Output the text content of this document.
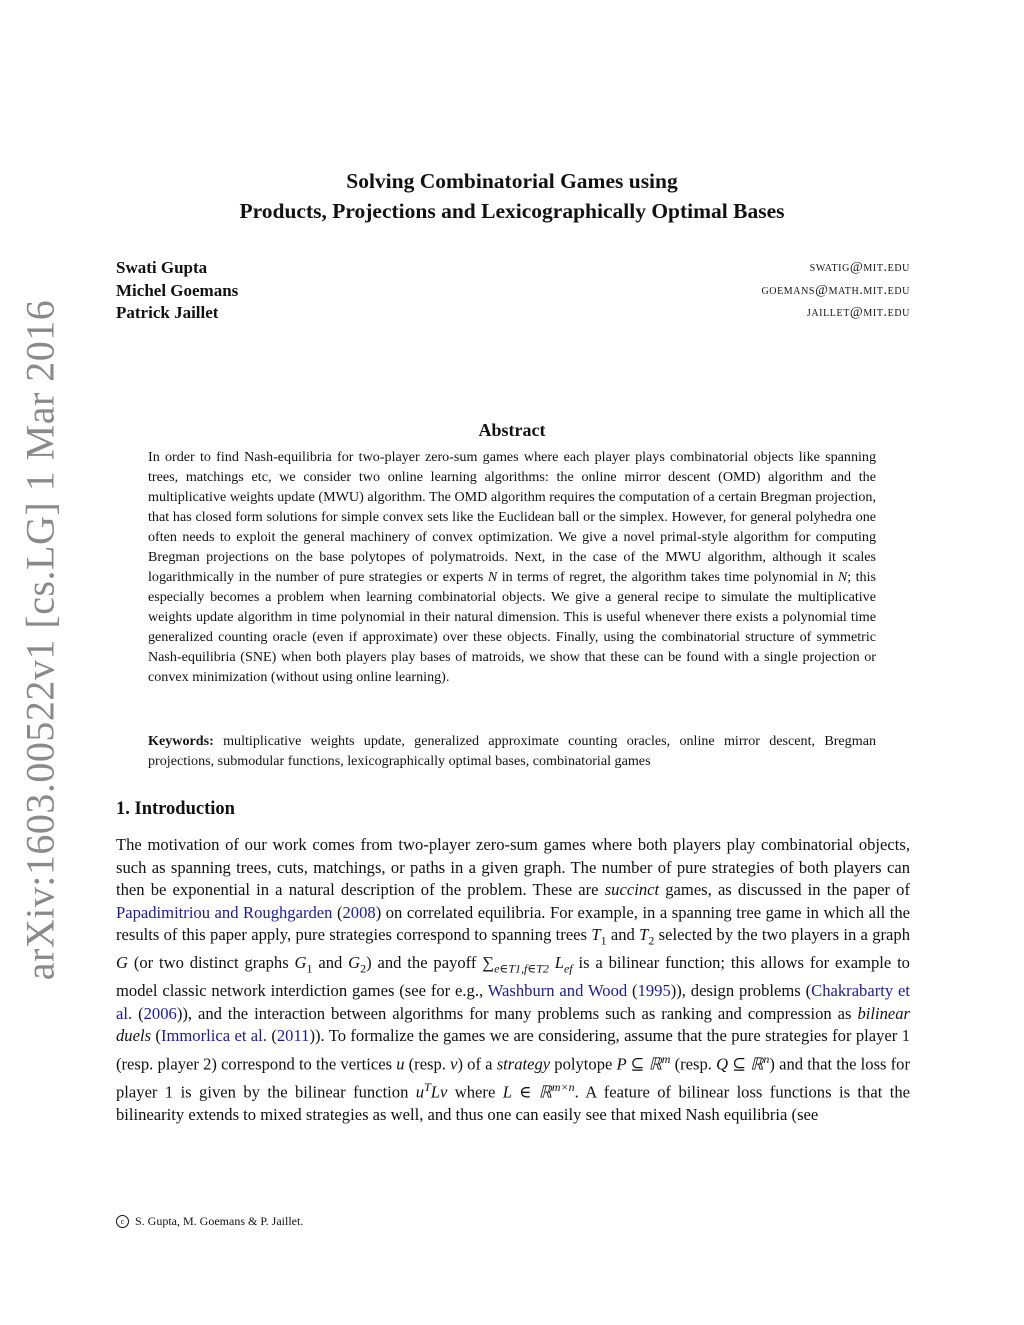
arXiv:1603.00522v1 [cs.LG] 1 Mar 2016
Solving Combinatorial Games using
Products, Projections and Lexicographically Optimal Bases
Swati Gupta	swatig@mit.edu
Michel Goemans	goemans@math.mit.edu
Patrick Jaillet	jaillet@mit.edu
Abstract
In order to find Nash-equilibria for two-player zero-sum games where each player plays combinatorial objects like spanning trees, matchings etc, we consider two online learning algorithms: the online mirror descent (OMD) algorithm and the multiplicative weights update (MWU) algorithm. The OMD algorithm requires the computation of a certain Bregman projection, that has closed form solutions for simple convex sets like the Euclidean ball or the simplex. However, for general polyhedra one often needs to exploit the general machinery of convex optimization. We give a novel primal-style algorithm for computing Bregman projections on the base polytopes of polymatroids. Next, in the case of the MWU algorithm, although it scales logarithmically in the number of pure strategies or experts N in terms of regret, the algorithm takes time polynomial in N; this especially becomes a problem when learning combinatorial objects. We give a general recipe to simulate the multiplicative weights update algorithm in time polynomial in their natural dimension. This is useful whenever there exists a polynomial time generalized counting oracle (even if approximate) over these objects. Finally, using the combinatorial structure of symmetric Nash-equilibria (SNE) when both players play bases of matroids, we show that these can be found with a single projection or convex minimization (without using online learning).
Keywords: multiplicative weights update, generalized approximate counting oracles, online mirror descent, Bregman projections, submodular functions, lexicographically optimal bases, combinatorial games
1. Introduction
The motivation of our work comes from two-player zero-sum games where both players play combinatorial objects, such as spanning trees, cuts, matchings, or paths in a given graph. The number of pure strategies of both players can then be exponential in a natural description of the problem. These are succinct games, as discussed in the paper of Papadimitriou and Roughgarden (2008) on correlated equilibria. For example, in a spanning tree game in which all the results of this paper apply, pure strategies correspond to spanning trees $T_1$ and $T_2$ selected by the two players in a graph G (or two distinct graphs $G_1$ and $G_2$) and the payoff $\sum_{e\in T1,f\in T2}$ $L_{ef}$ is a bilinear function; this allows for example to model classic network interdiction games (see for e.g., Washburn and Wood (1995)), design problems (Chakrabarty et al. (2006)), and the interaction between algorithms for many problems such as ranking and compression as bilinear duels (Immorlica et al. (2011)). To formalize the games we are considering, assume that the pure strategies for player 1 (resp. player 2) correspond to the vertices u (resp. v) of a strategy polytope P ⊆ ℝ$^m$ (resp. Q ⊆ ℝ$^n$) and that the loss for player 1 is given by the bilinear function $u^TLv$ where L ∈ ℝ$^{m\times n}$. A feature of bilinear loss functions is that the bilinearity extends to mixed strategies as well, and thus one can easily see that mixed Nash equilibria (see
c S. Gupta, M. Goemans & P. Jaillet.
